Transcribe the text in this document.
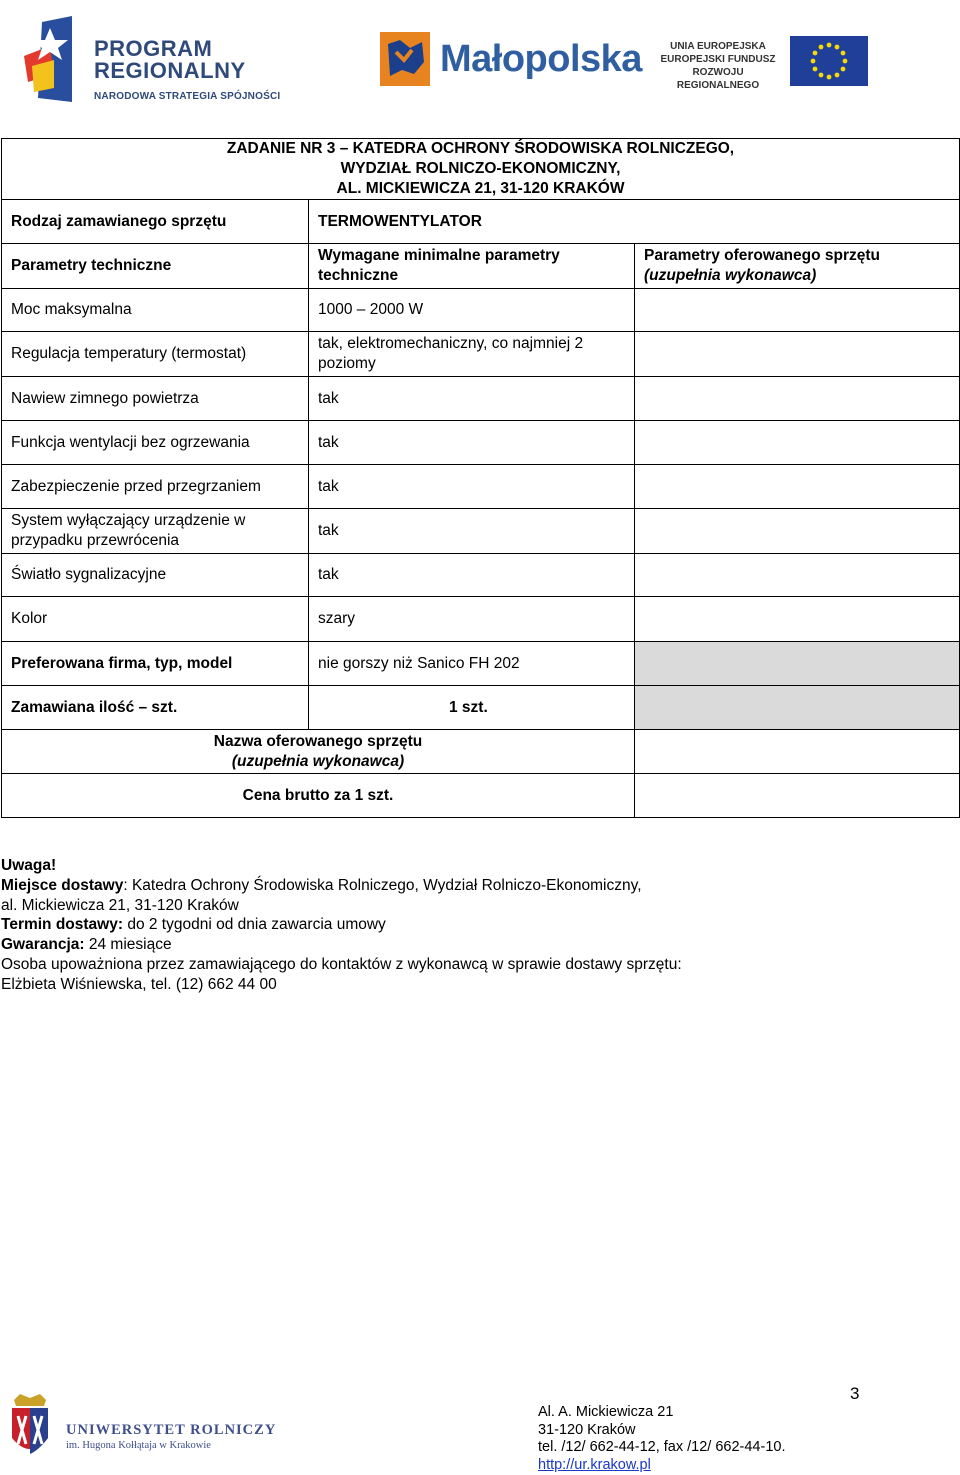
PROGRAM
REGIONALNY
NARODOWA STRATEGIA SPÓJNOŚCI
Małopolska	UNIA EUROPEJSKA
EUROPEJSKI FUNDUSZ
ROZWOJU REGIONALNEGO
ZADANIE NR 3 – KATEDRA OCHRONY ŚRODOWISKA ROLNICZEGO,
WYDZIAŁ ROLNICZO-EKONOMICZNY,
AL. MICKIEWICZA 21, 31-120 KRAKÓW		

Rodzaj zamawianego sprzętu	TERMOWENTYLATOR	
Parametry techniczne	Wymagane minimalne parametry techniczne	Parametry oferowanego sprzętu
(uzupełnia wykonawca)

Moc maksymalna	1000 – 2000 W	
Regulacja temperatury (termostat)	tak, elektromechaniczny, co najmniej 2 poziomy	
Nawiew zimnego powietrza	tak	
Funkcja wentylacji bez ogrzewania	tak	
Zabezpieczenie przed przegrzaniem	tak	
System wyłączający urządzenie w przypadku przewrócenia	tak	
Światło sygnalizacyjne	tak	
Kolor	szary	
Preferowana firma, typ, model	nie gorszy niż Sanico FH 202	
Zamawiana ilość – szt.	1 szt.	

Nazwa oferowanego sprzętu
(uzupełnia wykonawca)		

Cena brutto za 1 szt.		
Uwaga!
Miejsce dostawy: Katedra Ochrony Środowiska Rolniczego, Wydział Rolniczo-Ekonomiczny,
al. Mickiewicza 21, 31-120 Kraków
Termin dostawy: do 2 tygodni od dnia zawarcia umowy
Gwarancja: 24 miesiące
Osoba upoważniona przez zamawiającego do kontaktów z wykonawcą w sprawie dostawy sprzętu:
Elżbieta Wiśniewska, tel. (12) 662 44 00
3
UNIWERSYTET ROLNICZY
im. Hugona Kołłątaja w Krakowie
Al. A. Mickiewicza 21
31-120 Kraków
tel. /12/ 662-44-12, fax /12/ 662-44-10.
http://ur.krakow.pl
